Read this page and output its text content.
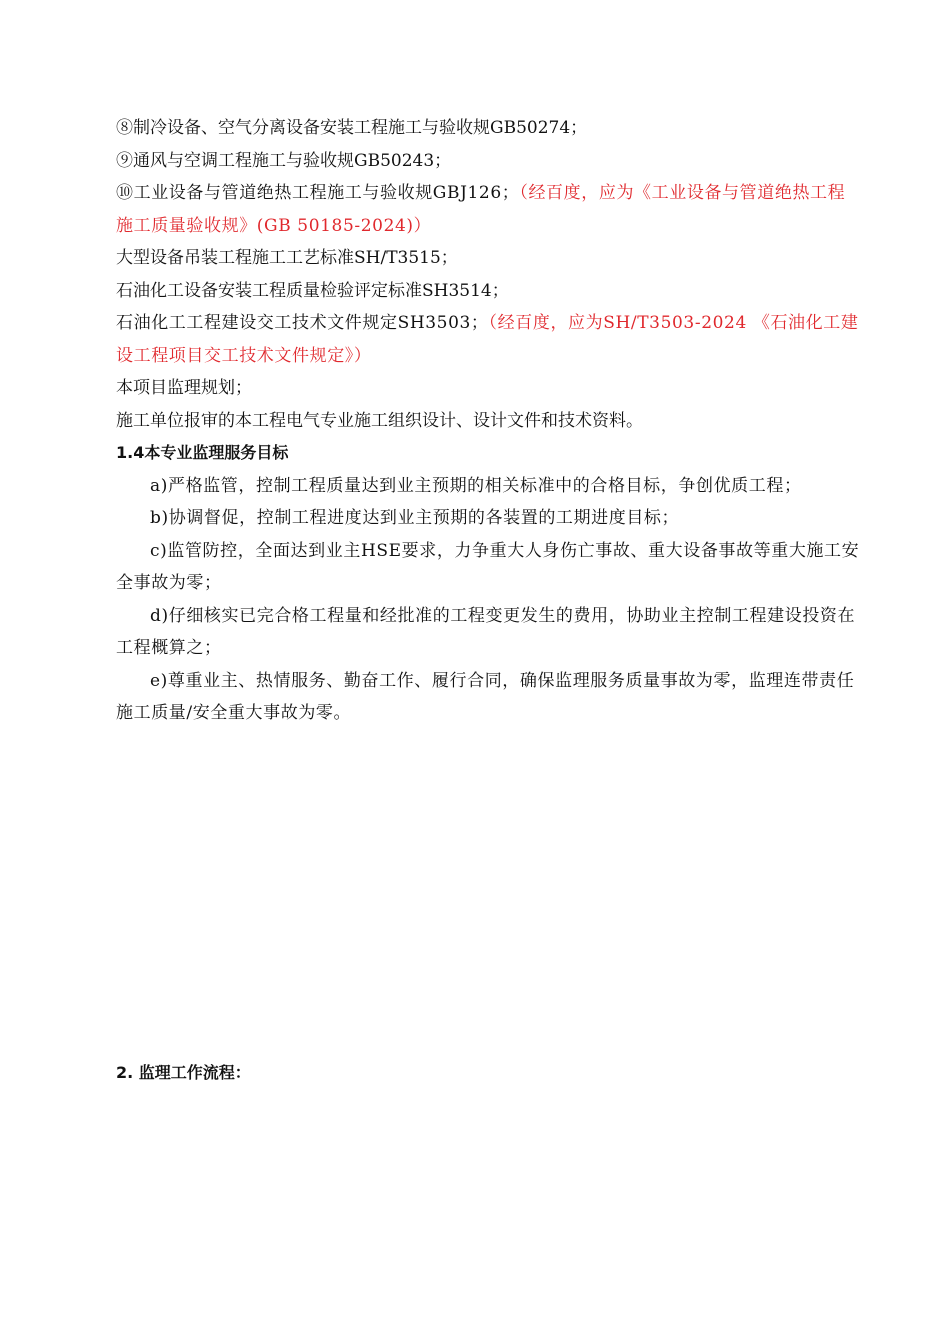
⑧制冷设备、空气分离设备安装工程施工与验收规GB50274；
⑨通风与空调工程施工与验收规GB50243；
⑩工业设备与管道绝热工程施工与验收规GBJ126；（经百度，应为《工业设备与管道绝热工程施工质量验收规》(GB 50185-2024)）
大型设备吊装工程施工工艺标准SH/T3515；
石油化工设备安装工程质量检验评定标准SH3514；
石油化工工程建设交工技术文件规定SH3503；（经百度，应为SH/T3503-2024 《石油化工建设工程项目交工技术文件规定》）
本项目监理规划；
施工单位报审的本工程电气专业施工组织设计、设计文件和技术资料。
1.4本专业监理服务目标
a)严格监管，控制工程质量达到业主预期的相关标准中的合格目标，争创优质工程；
b)协调督促，控制工程进度达到业主预期的各装置的工期进度目标；
c)监管防控，全面达到业主HSE要求，力争重大人身伤亡事故、重大设备事故等重大施工安全事故为零；
d)仔细核实已完合格工程量和经批准的工程变更发生的费用，协助业主控制工程建设投资在工程概算之；
e)尊重业主、热情服务、勤奋工作、履行合同，确保监理服务质量事故为零，监理连带责任施工质量/安全重大事故为零。
2. 监理工作流程：
